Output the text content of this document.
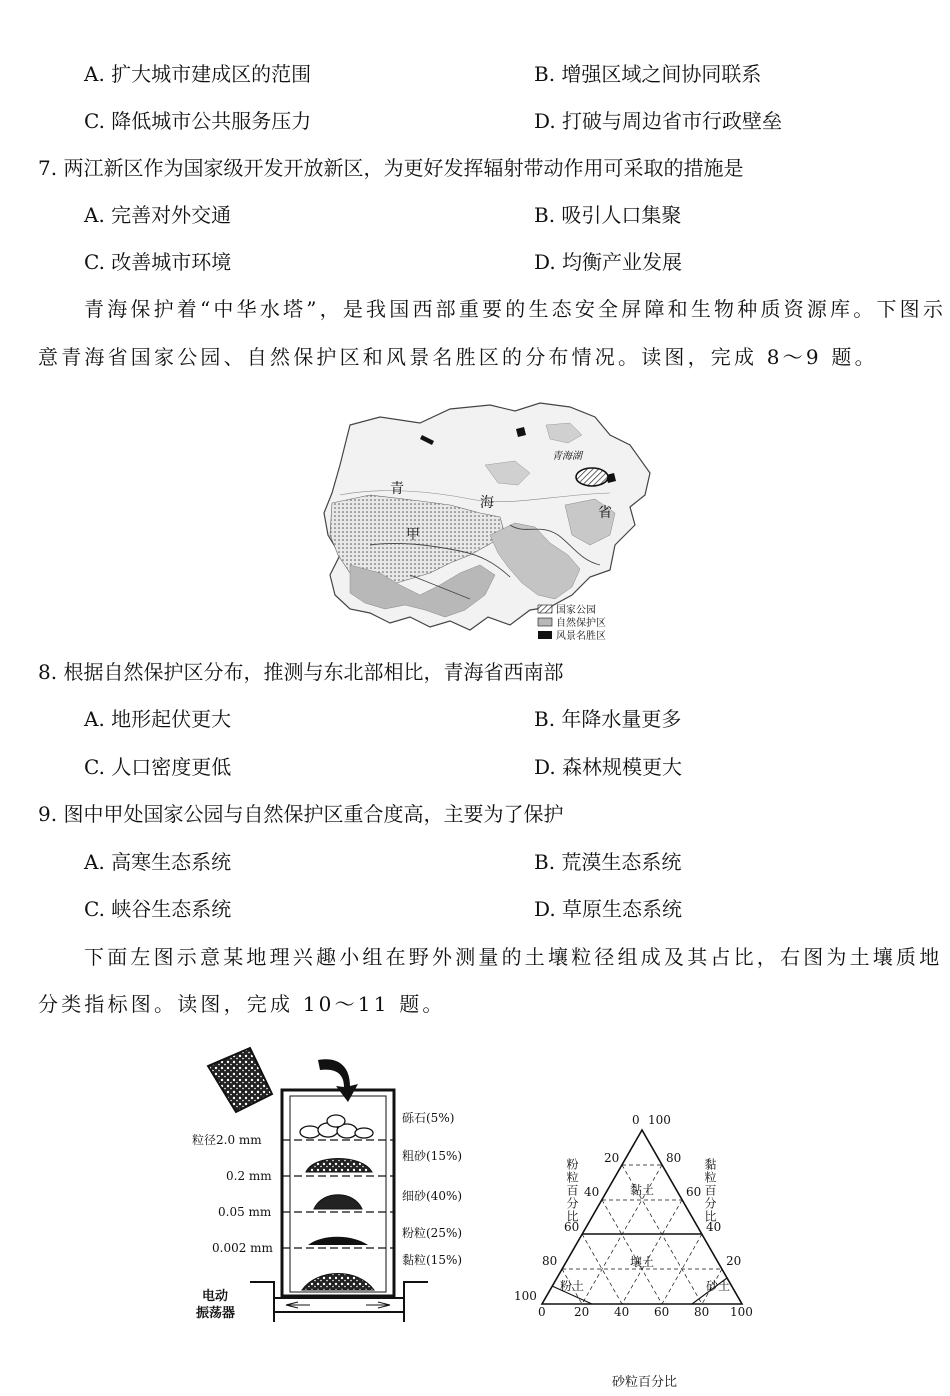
A. 扩大城市建成区的范围	B. 增强区域之间协同联系
C. 降低城市公共服务压力	D. 打破与周边省市行政壁垒
7. 两江新区作为国家级开发开放新区，为更好发挥辐射带动作用可采取的措施是
A. 完善对外交通	B. 吸引人口集聚
C. 改善城市环境	D. 均衡产业发展
青海保护着“中华水塔”，是我国西部重要的生态安全屏障和生物种质资源库。下图示
意青海省国家公园、自然保护区和风景名胜区的分布情况。读图，完成 8～9 题。
青
海
省
甲
青海湖
国家公园
自然保护区
风景名胜区
8. 根据自然保护区分布，推测与东北部相比，青海省西南部
A. 地形起伏更大	B. 年降水量更多
C. 人口密度更低	D. 森林规模更大
9. 图中甲处国家公园与自然保护区重合度高，主要为了保护
A. 高寒生态系统	B. 荒漠生态系统
C. 峡谷生态系统	D. 草原生态系统
下面左图示意某地理兴趣小组在野外测量的土壤粒径组成及其占比，右图为土壤质地
分类指标图。读图，完成 10～11 题。
粒径2.0 mm
0.2 mm
0.05 mm
0.002 mm
砾石(5%)
粗砂(15%)
细砂(40%)
粉粒(25%)
黏粒(15%)
电动
振荡器
黏土
壤土
粉土	砂土
0 100
20
40
60
80
100
80
60
40
20
0 20 40 60 80 100
粉粒百分比	黏粒百分比
砂粒百分比
